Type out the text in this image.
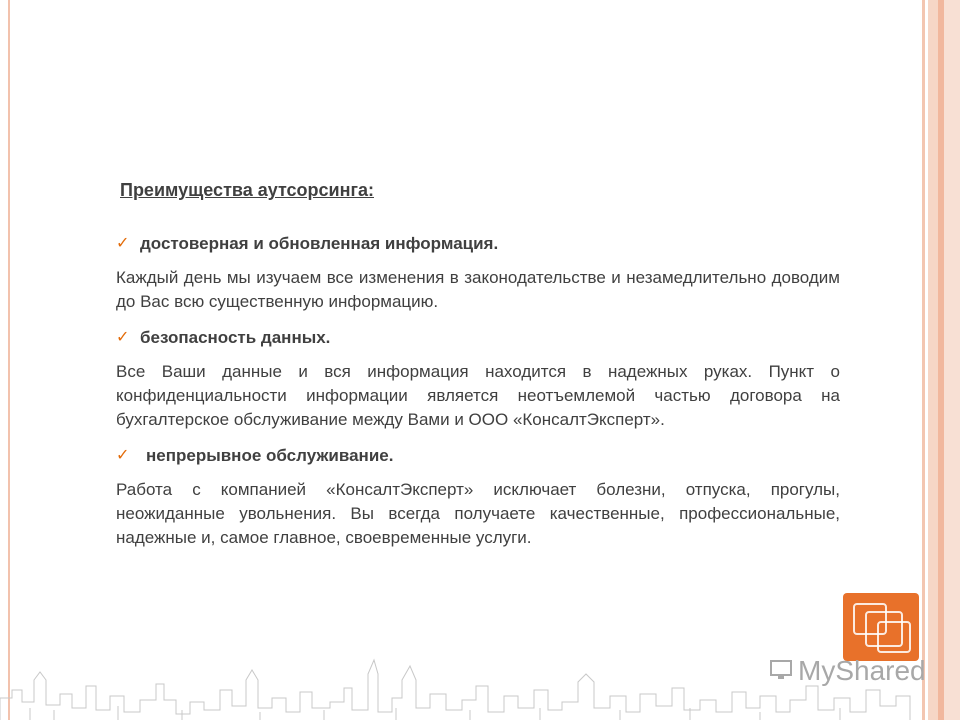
Преимущества аутсорсинга:
✓ достоверная и обновленная информация.

Каждый день мы изучаем все изменения в законодательстве и незамедлительно доводим до Вас всю существенную информацию.

✓ безопасность данных.

Все Ваши данные и вся информация находится в надежных руках. Пункт о конфиденциальности информации является неотъемлемой частью договора на бухгалтерское обслуживание между Вами и ООО «КонсалтЭксперт».

✓ непрерывное обслуживание.

Работа с компанией «КонсалтЭксперт» исключает болезни, отпуска, прогулы, неожиданные увольнения. Вы всегда получаете качественные, профессиональные, надежные и, самое главное, своевременные услуги.

MyShared
